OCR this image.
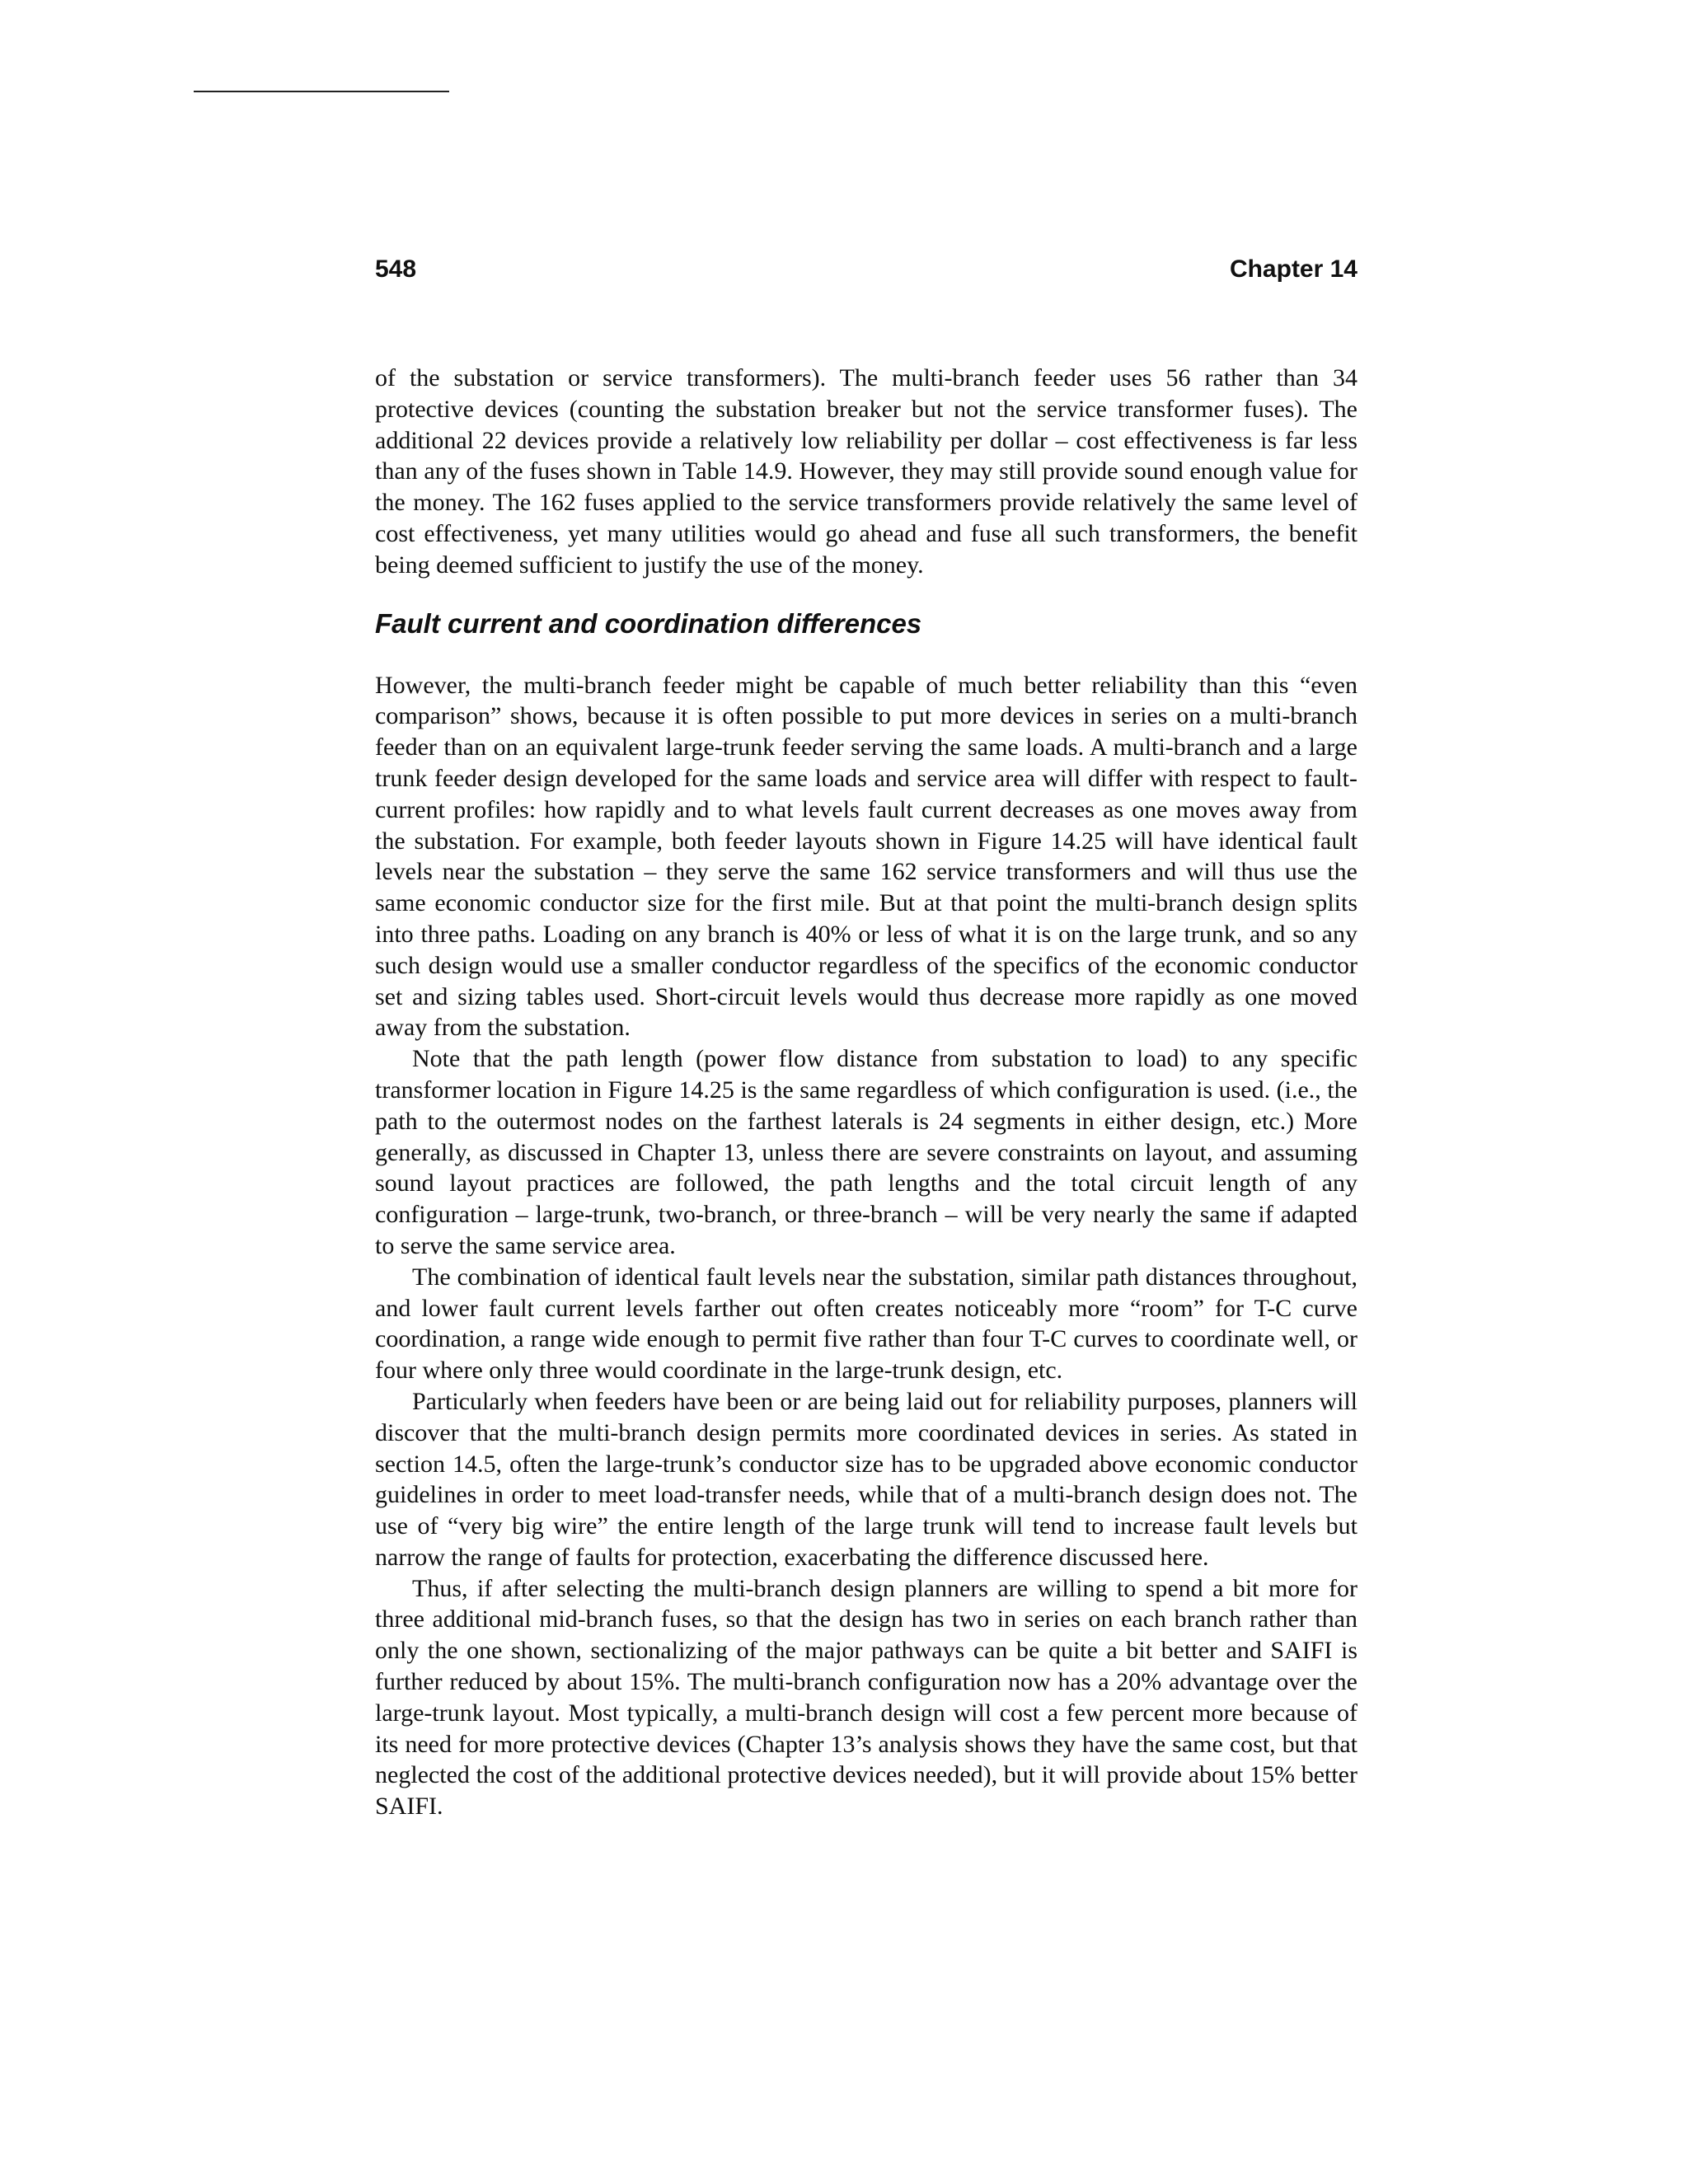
548	Chapter 14

of the substation or service transformers). The multi-branch feeder uses 56 rather than 34 protective devices (counting the substation breaker but not the service transformer fuses). The additional 22 devices provide a relatively low reliability per dollar – cost effectiveness is far less than any of the fuses shown in Table 14.9. However, they may still provide sound enough value for the money. The 162 fuses applied to the service transformers provide relatively the same level of cost effectiveness, yet many utilities would go ahead and fuse all such transformers, the benefit being deemed sufficient to justify the use of the money.

Fault current and coordination differences

However, the multi-branch feeder might be capable of much better reliability than this “even comparison” shows, because it is often possible to put more devices in series on a multi-branch feeder than on an equivalent large-trunk feeder serving the same loads. A multi-branch and a large trunk feeder design developed for the same loads and service area will differ with respect to fault-current profiles: how rapidly and to what levels fault current decreases as one moves away from the substation. For example, both feeder layouts shown in Figure 14.25 will have identical fault levels near the substation – they serve the same 162 service transformers and will thus use the same economic conductor size for the first mile. But at that point the multi-branch design splits into three paths. Loading on any branch is 40% or less of what it is on the large trunk, and so any such design would use a smaller conductor regardless of the specifics of the economic conductor set and sizing tables used. Short-circuit levels would thus decrease more rapidly as one moved away from the substation.

Note that the path length (power flow distance from substation to load) to any specific transformer location in Figure 14.25 is the same regardless of which configuration is used. (i.e., the path to the outermost nodes on the farthest laterals is 24 segments in either design, etc.) More generally, as discussed in Chapter 13, unless there are severe constraints on layout, and assuming sound layout practices are followed, the path lengths and the total circuit length of any configuration – large-trunk, two-branch, or three-branch – will be very nearly the same if adapted to serve the same service area.

The combination of identical fault levels near the substation, similar path distances throughout, and lower fault current levels farther out often creates noticeably more “room” for T-C curve coordination, a range wide enough to permit five rather than four T-C curves to coordinate well, or four where only three would coordinate in the large-trunk design, etc.

Particularly when feeders have been or are being laid out for reliability purposes, planners will discover that the multi-branch design permits more coordinated devices in series. As stated in section 14.5, often the large-trunk’s conductor size has to be upgraded above economic conductor guidelines in order to meet load-transfer needs, while that of a multi-branch design does not. The use of “very big wire” the entire length of the large trunk will tend to increase fault levels but narrow the range of faults for protection, exacerbating the difference discussed here.

Thus, if after selecting the multi-branch design planners are willing to spend a bit more for three additional mid-branch fuses, so that the design has two in series on each branch rather than only the one shown, sectionalizing of the major pathways can be quite a bit better and SAIFI is further reduced by about 15%. The multi-branch configuration now has a 20% advantage over the large-trunk layout. Most typically, a multi-branch design will cost a few percent more because of its need for more protective devices (Chapter 13’s analysis shows they have the same cost, but that neglected the cost of the additional protective devices needed), but it will provide about 15% better SAIFI.
